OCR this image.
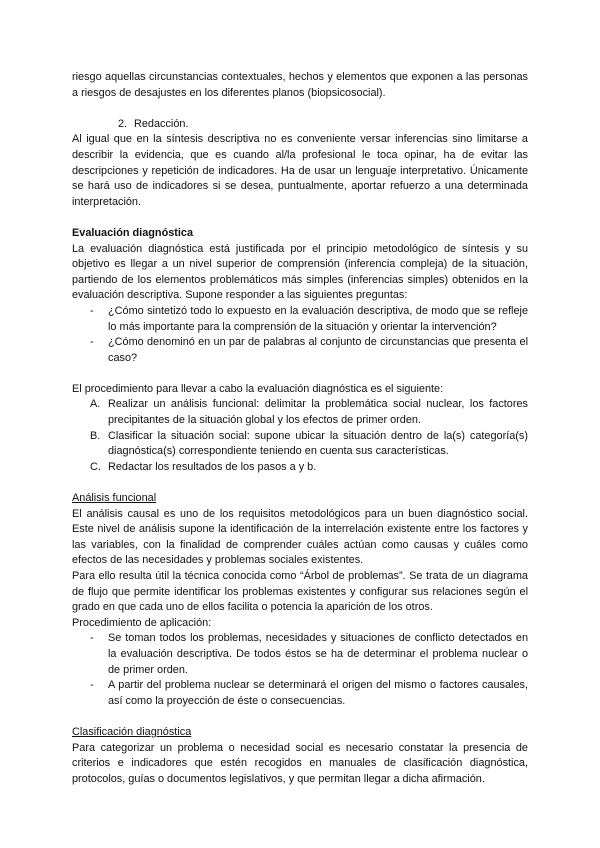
riesgo aquellas circunstancias contextuales, hechos y elementos que exponen a las personas a riesgos de desajustes en los diferentes planos (biopsicosocial).

2. Redacción.

Al igual que en la síntesis descriptiva no es conveniente versar inferencias sino limitarse a describir la evidencia, que es cuando al/la profesional le toca opinar, ha de evitar las descripciones y repetición de indicadores. Ha de usar un lenguaje interpretativo. Únicamente se hará uso de indicadores si se desea, puntualmente, aportar refuerzo a una determinada interpretación.

Evaluación diagnóstica

La evaluación diagnóstica está justificada por el principio metodológico de síntesis y su objetivo es llegar a un nivel superior de comprensión (inferencia compleja) de la situación, partiendo de los elementos problemáticos más simples (inferencias simples) obtenidos en la evaluación descriptiva. Supone responder a las siguientes preguntas:

-	¿Cómo sintetizó todo lo expuesto en la evaluación descriptiva, de modo que se refleje lo más importante para la comprensión de la situación y orientar la intervención?
-	¿Cómo denominó en un par de palabras al conjunto de circunstancias que presenta el caso?

El procedimiento para llevar a cabo la evaluación diagnóstica es el siguiente:

A. Realizar un análisis funcional: delimitar la problemática social nuclear, los factores precipitantes de la situación global y los efectos de primer orden.
B. Clasificar la situación social: supone ubicar la situación dentro de la(s) categoría(s) diagnóstica(s) correspondiente teniendo en cuenta sus características.
C. Redactar los resultados de los pasos a y b.

Análisis funcional

El análisis causal es uno de los requisitos metodológicos para un buen diagnóstico social. Este nivel de análisis supone la identificación de la interrelación existente entre los factores y las variables, con la finalidad de comprender cuáles actúan como causas y cuáles como efectos de las necesidades y problemas sociales existentes.

Para ello resulta útil la técnica conocida como “Árbol de problemas”. Se trata de un diagrama de flujo que permite identificar los problemas existentes y configurar sus relaciones según el grado en que cada uno de ellos facilita o potencia la aparición de los otros.

Procedimiento de aplicación:

-	Se toman todos los problemas, necesidades y situaciones de conflicto detectados en la evaluación descriptiva. De todos éstos se ha de determinar el problema nuclear o de primer orden.
-	A partir del problema nuclear se determinará el origen del mismo o factores causales, así como la proyección de éste o consecuencias.

Clasificación diagnóstica

Para categorizar un problema o necesidad social es necesario constatar la presencia de criterios e indicadores que estén recogidos en manuales de clasificación diagnóstica, protocolos, guías o documentos legislativos, y que permitan llegar a dicha afirmación.
